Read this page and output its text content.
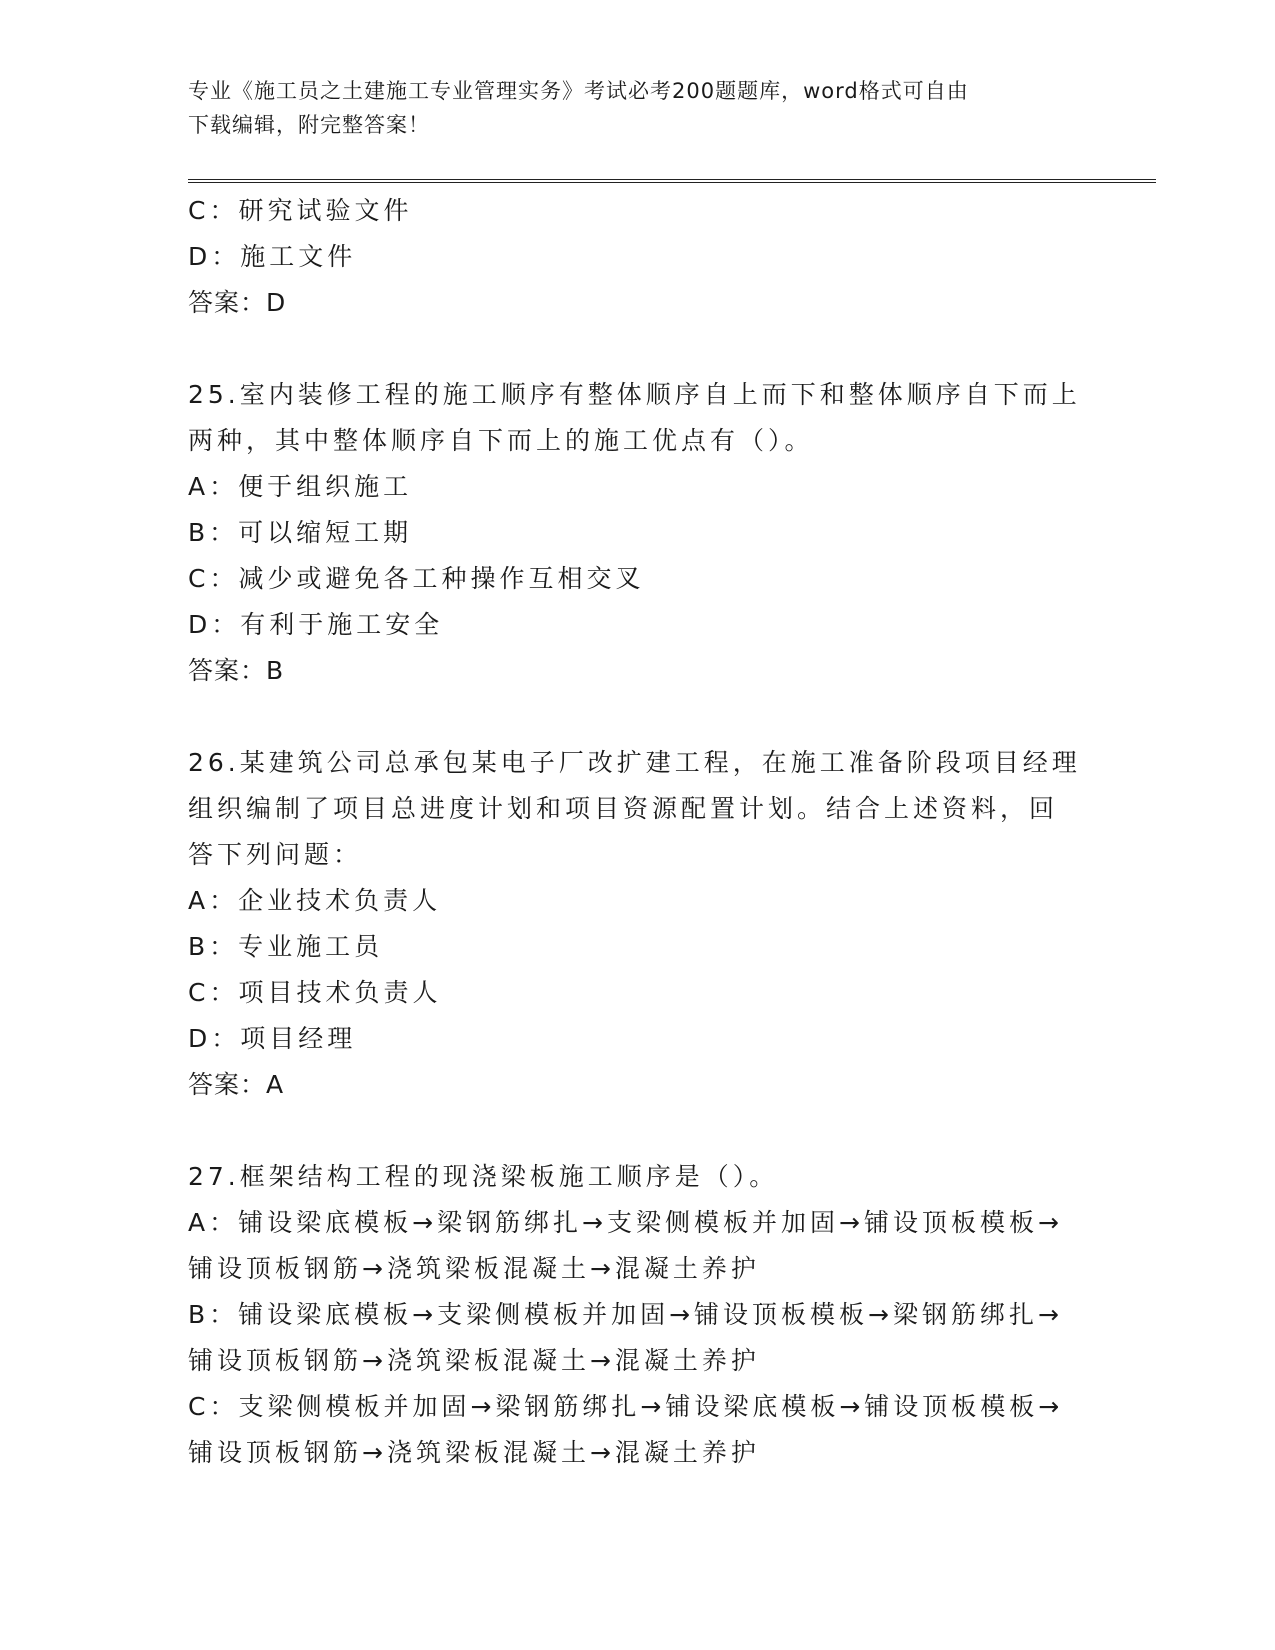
专业《施工员之土建施工专业管理实务》考试必考200题题库，word格式可自由
下载编辑，附完整答案！
C：研究试验文件
D：施工文件
答案：D
25.室内装修工程的施工顺序有整体顺序自上而下和整体顺序自下而上
两种，其中整体顺序自下而上的施工优点有（）。
A：便于组织施工
B：可以缩短工期
C：减少或避免各工种操作互相交叉
D：有利于施工安全
答案：B
26.某建筑公司总承包某电子厂改扩建工程，在施工准备阶段项目经理
组织编制了项目总进度计划和项目资源配置计划。结合上述资料，回
答下列问题：
A：企业技术负责人
B：专业施工员
C：项目技术负责人
D：项目经理
答案：A
27.框架结构工程的现浇梁板施工顺序是（）。
A：铺设梁底模板→梁钢筋绑扎→支梁侧模板并加固→铺设顶板模板→
铺设顶板钢筋→浇筑梁板混凝土→混凝土养护
B：铺设梁底模板→支梁侧模板并加固→铺设顶板模板→梁钢筋绑扎→
铺设顶板钢筋→浇筑梁板混凝土→混凝土养护
C：支梁侧模板并加固→梁钢筋绑扎→铺设梁底模板→铺设顶板模板→
铺设顶板钢筋→浇筑梁板混凝土→混凝土养护
